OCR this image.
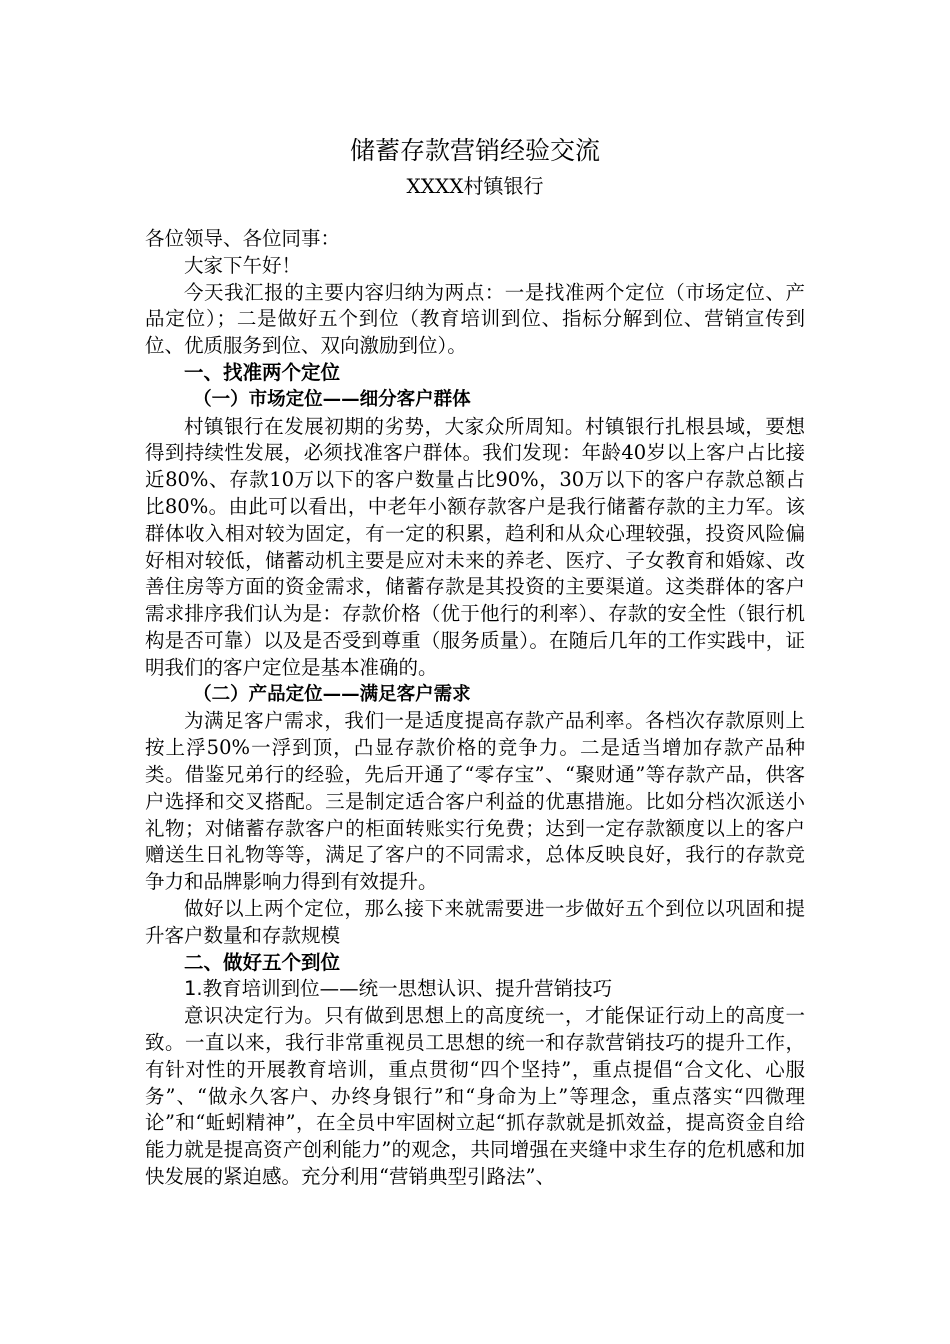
储蓄存款营销经验交流
XXXX村镇银行

各位领导、各位同事：

大家下午好！

今天我汇报的主要内容归纳为两点：一是找准两个定位（市场定位、产品定位）；二是做好五个到位（教育培训到位、指标分解到位、营销宣传到位、优质服务到位、双向激励到位）。

一、找准两个定位

（一）市场定位——细分客户群体

村镇银行在发展初期的劣势，大家众所周知。村镇银行扎根县域，要想得到持续性发展，必须找准客户群体。我们发现：年龄40岁以上客户占比接近80%、存款10万以下的客户数量占比90%，30万以下的客户存款总额占比80%。由此可以看出，中老年小额存款客户是我行储蓄存款的主力军。该群体收入相对较为固定，有一定的积累，趋利和从众心理较强，投资风险偏好相对较低，储蓄动机主要是应对未来的养老、医疗、子女教育和婚嫁、改善住房等方面的资金需求，储蓄存款是其投资的主要渠道。这类群体的客户需求排序我们认为是：存款价格（优于他行的利率）、存款的安全性（银行机构是否可靠）以及是否受到尊重（服务质量）。在随后几年的工作实践中，证明我们的客户定位是基本准确的。

（二）产品定位——满足客户需求

为满足客户需求，我们一是适度提高存款产品利率。各档次存款原则上按上浮50%一浮到顶，凸显存款价格的竞争力。二是适当增加存款产品种类。借鉴兄弟行的经验，先后开通了“零存宝”、“聚财通”等存款产品，供客户选择和交叉搭配。三是制定适合客户利益的优惠措施。比如分档次派送小礼物；对储蓄存款客户的柜面转账实行免费；达到一定存款额度以上的客户赠送生日礼物等等，满足了客户的不同需求，总体反映良好，我行的存款竞争力和品牌影响力得到有效提升。

做好以上两个定位，那么接下来就需要进一步做好五个到位以巩固和提升客户数量和存款规模

二、做好五个到位

1.教育培训到位——统一思想认识、提升营销技巧

意识决定行为。只有做到思想上的高度统一，才能保证行动上的高度一致。一直以来，我行非常重视员工思想的统一和存款营销技巧的提升工作，有针对性的开展教育培训，重点贯彻“四个坚持”，重点提倡“合文化、心服务”、“做永久客户、办终身银行”和“身命为上”等理念，重点落实“四微理论”和“蚯蚓精神”，在全员中牢固树立起“抓存款就是抓效益，提高资金自给能力就是提高资产创利能力”的观念，共同增强在夹缝中求生存的危机感和加快发展的紧迫感。充分利用“营销典型引路法”、
